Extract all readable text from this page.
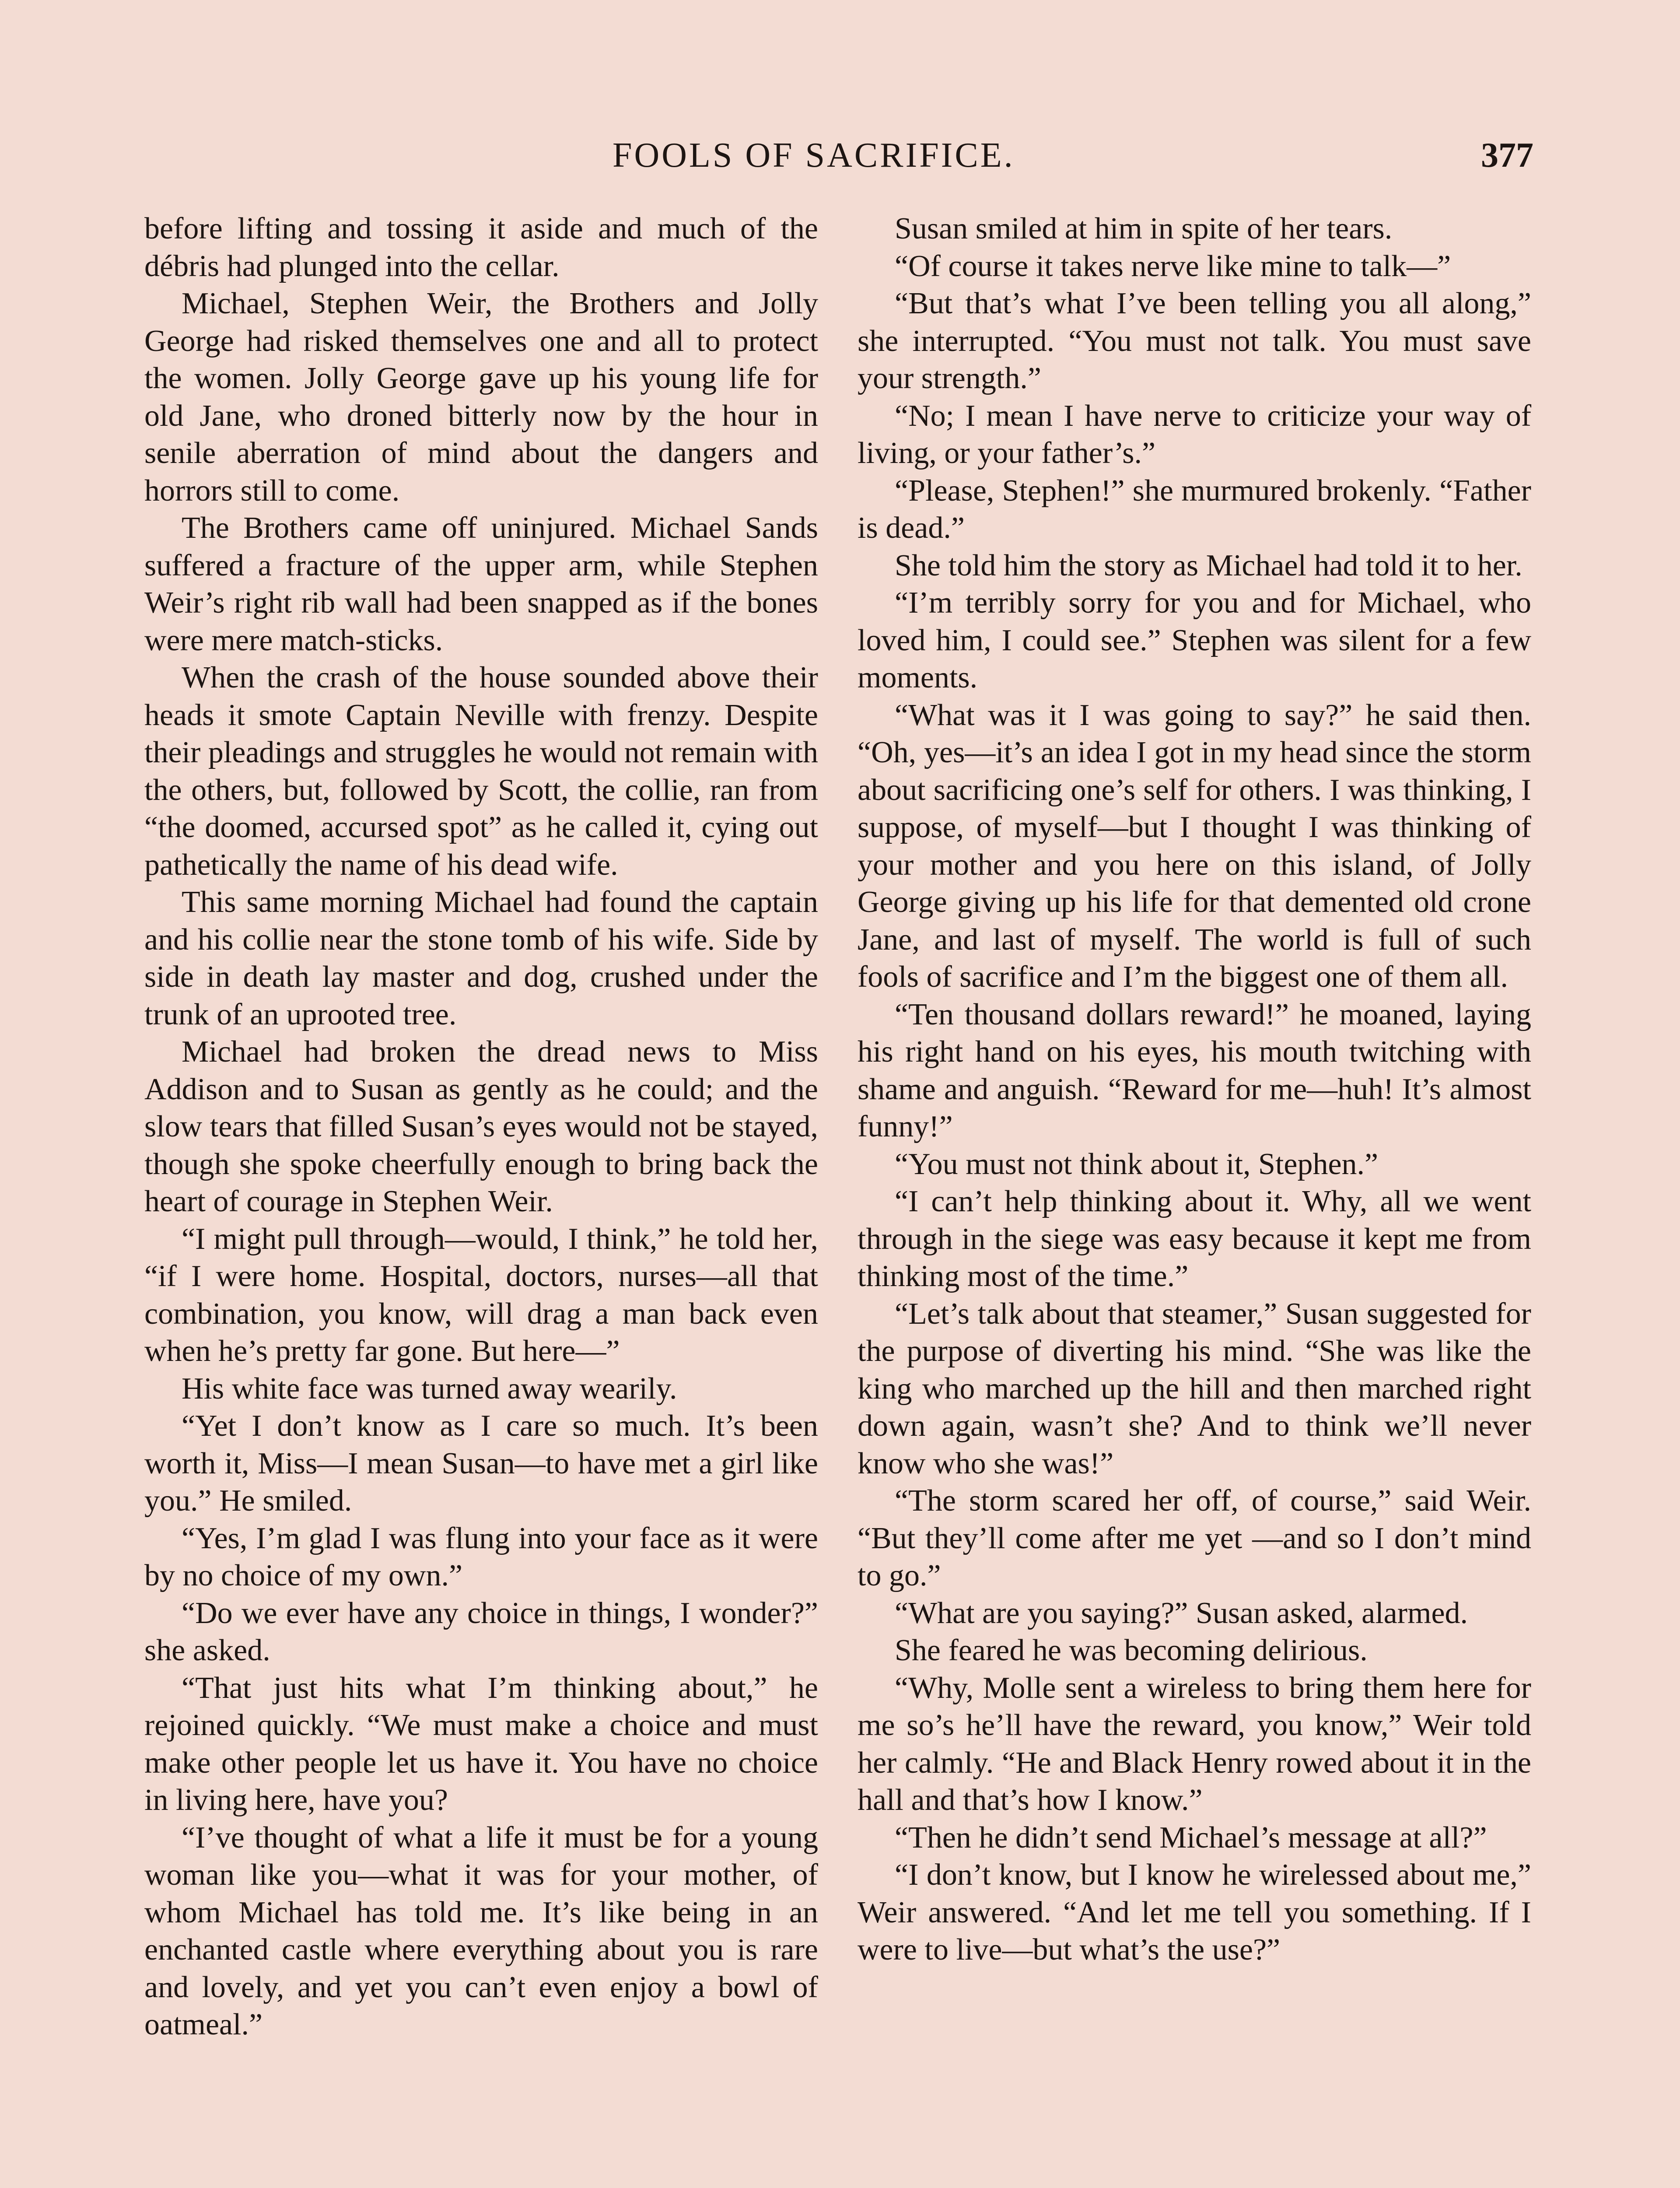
FOOLS OF SACRIFICE.	377

before lifting and tossing it aside and much of the débris had plunged into the cellar.

Michael, Stephen Weir, the Brothers and Jolly George had risked themselves one and all to protect the women. Jolly George gave up his young life for old Jane, who droned bitterly now by the hour in senile aberration of mind about the dangers and horrors still to come.

The Brothers came off uninjured. Michael Sands suffered a fracture of the upper arm, while Stephen Weir’s right rib wall had been snapped as if the bones were mere match-sticks.

When the crash of the house sounded above their heads it smote Captain Neville with frenzy. Despite their pleadings and struggles he would not remain with the others, but, followed by Scott, the collie, ran from “the doomed, accursed spot” as he called it, cying out pathetically the name of his dead wife.

This same morning Michael had found the captain and his collie near the stone tomb of his wife. Side by side in death lay master and dog, crushed under the trunk of an uprooted tree.

Michael had broken the dread news to Miss Addison and to Susan as gently as he could; and the slow tears that filled Susan’s eyes would not be stayed, though she spoke cheerfully enough to bring back the heart of courage in Stephen Weir.

“I might pull through—would, I think,” he told her, “if I were home. Hospital, doctors, nurses—all that combination, you know, will drag a man back even when he’s pretty far gone. But here—”

His white face was turned away wearily.

“Yet I don’t know as I care so much. It’s been worth it, Miss—I mean Susan—to have met a girl like you.” He smiled.

“Yes, I’m glad I was flung into your face as it were by no choice of my own.”

“Do we ever have any choice in things, I wonder?” she asked.

“That just hits what I’m thinking about,” he rejoined quickly. “We must make a choice and must make other people let us have it. You have no choice in living here, have you?

“I’ve thought of what a life it must be for a young woman like you—what it was for your mother, of whom Michael has told me. It’s like being in an enchanted castle where everything about you is rare and lovely, and yet you can’t even enjoy a bowl of oatmeal.”

Susan smiled at him in spite of her tears.

“Of course it takes nerve like mine to talk—”

“But that’s what I’ve been telling you all along,” she interrupted. “You must not talk. You must save your strength.”

“No; I mean I have nerve to criticize your way of living, or your father’s.”

“Please, Stephen!” she murmured brokenly. “Father is dead.”

She told him the story as Michael had told it to her.

“I’m terribly sorry for you and for Michael, who loved him, I could see.” Stephen was silent for a few moments.

“What was it I was going to say?” he said then. “Oh, yes—it’s an idea I got in my head since the storm about sacrificing one’s self for others. I was thinking, I suppose, of myself—but I thought I was thinking of your mother and you here on this island, of Jolly George giving up his life for that demented old crone Jane, and last of myself. The world is full of such fools of sacrifice and I’m the biggest one of them all.

“Ten thousand dollars reward!” he moaned, laying his right hand on his eyes, his mouth twitching with shame and anguish. “Reward for me—huh! It’s almost funny!”

“You must not think about it, Stephen.”

“I can’t help thinking about it. Why, all we went through in the siege was easy because it kept me from thinking most of the time.”

“Let’s talk about that steamer,” Susan suggested for the purpose of diverting his mind. “She was like the king who marched up the hill and then marched right down again, wasn’t she? And to think we’ll never know who she was!”

“The storm scared her off, of course,” said Weir. “But they’ll come after me yet —and so I don’t mind to go.”

“What are you saying?” Susan asked, alarmed.

She feared he was becoming delirious.

“Why, Molle sent a wireless to bring them here for me so’s he’ll have the reward, you know,” Weir told her calmly. “He and Black Henry rowed about it in the hall and that’s how I know.”

“Then he didn’t send Michael’s message at all?”

“I don’t know, but I know he wirelessed about me,” Weir answered. “And let me tell you something. If I were to live—but what’s the use?”
